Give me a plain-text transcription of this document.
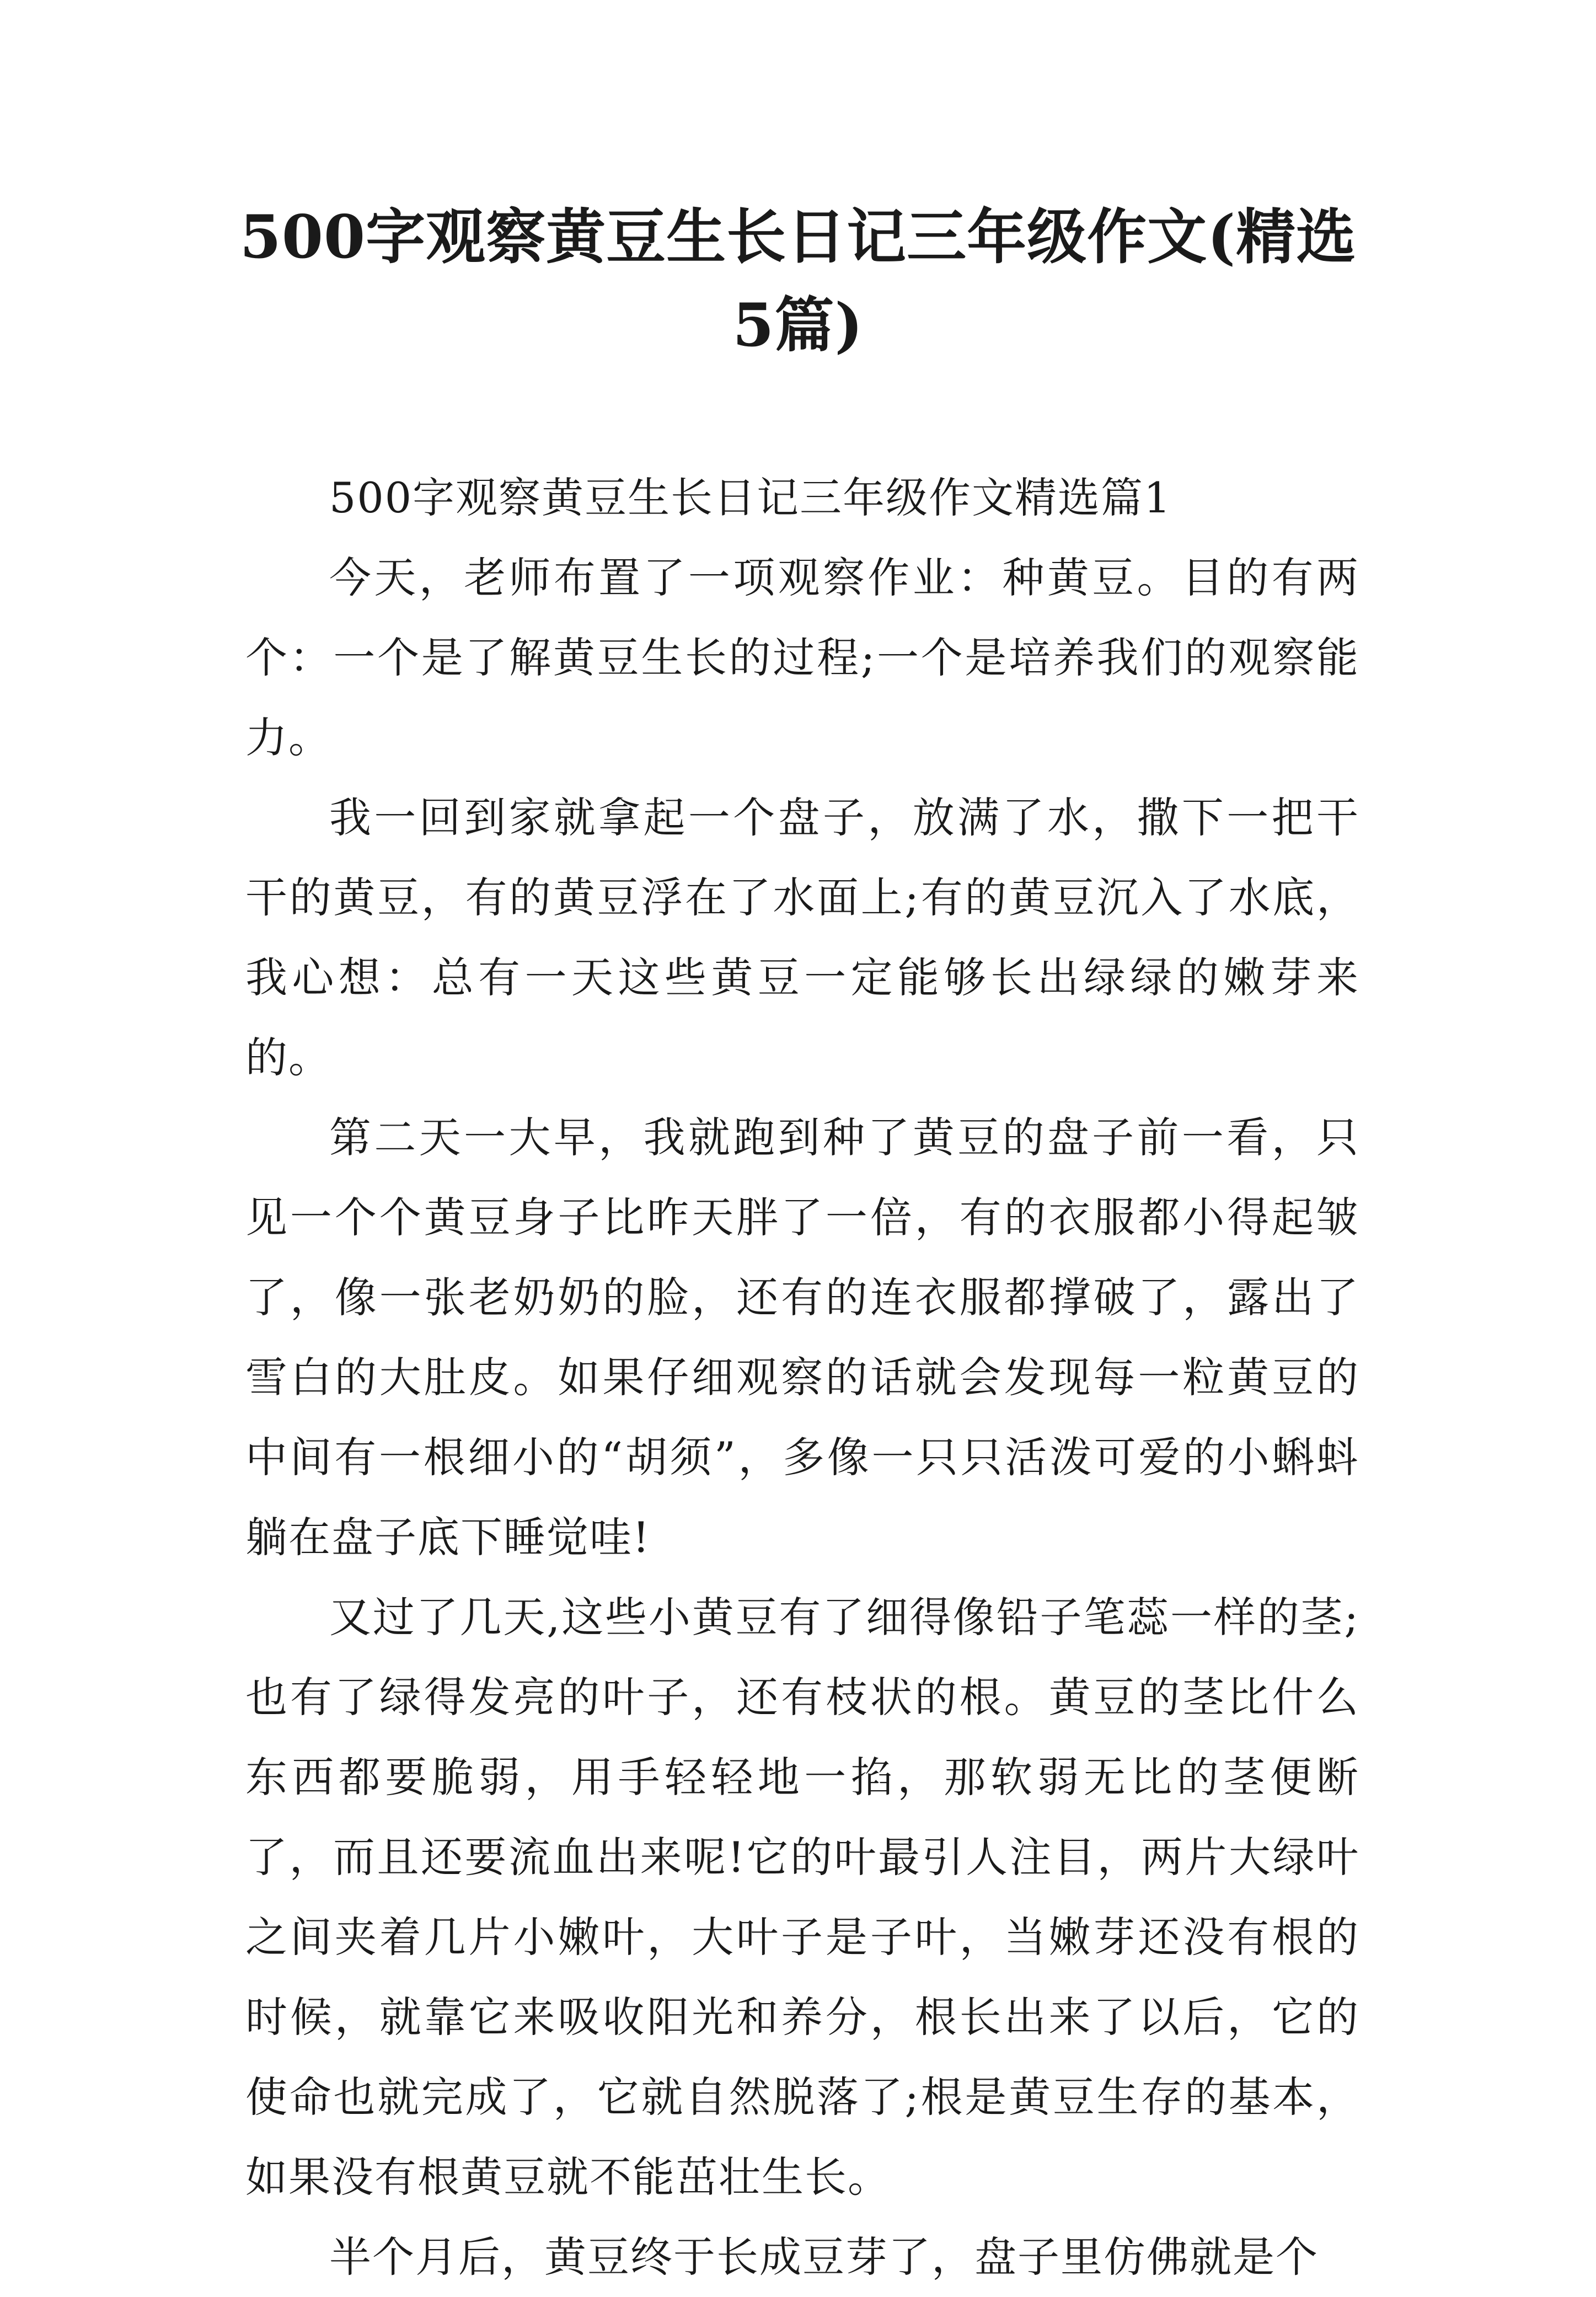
500字观察黄豆生长日记三年级作文(精选
5篇)

500字观察黄豆生长日记三年级作文精选篇1

今天，老师布置了一项观察作业：种黄豆。目的有两个：一个是了解黄豆生长的过程;一个是培养我们的观察能力。

我一回到家就拿起一个盘子，放满了水，撒下一把干干的黄豆，有的黄豆浮在了水面上;有的黄豆沉入了水底，我心想：总有一天这些黄豆一定能够长出绿绿的嫩芽来的。

第二天一大早，我就跑到种了黄豆的盘子前一看，只见一个个黄豆身子比昨天胖了一倍，有的衣服都小得起皱了，像一张老奶奶的脸，还有的连衣服都撑破了，露出了雪白的大肚皮。如果仔细观察的话就会发现每一粒黄豆的中间有一根细小的“胡须”，多像一只只活泼可爱的小蝌蚪躺在盘子底下睡觉哇!

又过了几天,这些小黄豆有了细得像铅子笔蕊一样的茎;也有了绿得发亮的叶子，还有枝状的根。黄豆的茎比什么东西都要脆弱，用手轻轻地一掐，那软弱无比的茎便断了，而且还要流血出来呢!它的叶最引人注目，两片大绿叶之间夹着几片小嫩叶，大叶子是子叶，当嫩芽还没有根的时候，就靠它来吸收阳光和养分，根长出来了以后，它的使命也就完成了，它就自然脱落了;根是黄豆生存的基本，如果没有根黄豆就不能茁壮生长。

半个月后，黄豆终于长成豆芽了，盘子里仿佛就是个
